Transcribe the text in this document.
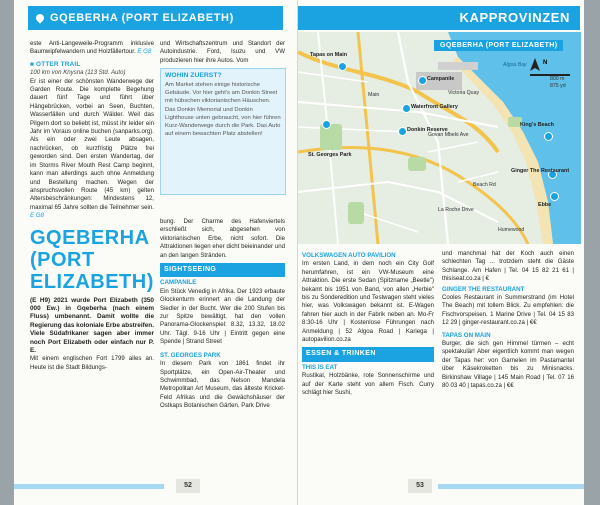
GQEBERHA (PORT ELIZABETH)

este Anti-Langeweile-Programm inklusive Baumwipfelwandern und Holzfällertour. E G8

■ OTTER TRAIL
100 km von Knysna (113 Std. Auto)

Er ist einer der schönsten Wanderwege der Garden Route. Die komplette Begehung dauert fünf Tage und führt über Hängebrücken, vorbei an Seen, Buchten, Wasserfällen und durch Wälder. Weil das Pilgern dort so beliebt ist, müsst ihr leider ein Jahr im Voraus online buchen (sanparks.org). Als ein oder zwei Leute absagen, nachrücken, ob kurzfristig Plätze frei geworden sind. Den ersten Wandertag, der im Storms River Mouth Rest Camp beginnt, kann man allerdings auch ohne Anmeldung und Bestellung machen. Wegen der anspruchsvollen Route (45 km) gelten Altersbeschränkungen: Mindestens 12, maximal 65 Jahre sollten die Teilnehmer sein. E G8

GQEBERHA (PORT ELIZABETH)

(E H9) 2021 wurde Port Elizabeth (350 000 Ew.) in Gqeberha (nach einem Fluss) umbenannt. Damit wollte die Regierung das koloniale Erbe abstreifen. Viele Südafrikaner sagen aber immer noch Port Elizabeth oder einfach nur P. E.

Mit einem englischen Fort 1799 alles an. Heute ist die Stadt Bildungs-

und Wirtschaftszentrum und Standort der Autoindustrie. Ford, Isuzu und VW produzieren hier ihre Autos. Vom

WOHIN ZUERST?

Am Market stehen einige historische Gebäude. Vor hier geht's am Donkin Street mit hübschen viktorianischen Häuschen. Das Donkin Memorial und Donkin Lighthouse unten gebraucht, von hier führen Kurz-Wanderwege durch die Park. Das Auto auf einem bewachten Platz abstellen!

bung. Der Charme des Hafenviertels erschließt sich, abgesehen von viktorianischen Erbe, nicht sofort. Die Attraktionen liegen eher dicht beieinander und an den langen Stränden.

SIGHTSEEING
CAMPANILE

Ein Stück Venedig in Afrika. Der 1923 erbaute Glockenturm erinnert an die Landung der Siedler in der Bucht. Wer die 200 Stufen bis zur Spitze bewältigt, hat den vollen Panorama-Glockenspiel: 8.32, 13.32, 18.02 Uhr. Tägl. 9-16 Uhr | Eintritt gegen eine Spende | Strand Street

ST. GEORGES PARK

In diesem Park von 1861 findet ihr Sportplätze, ein Open-Air-Theater und Schwimmbad, das Nelson Mandela Metropolitan Art Museum, das älteste Kricket-Feld Afrikas und die Gewächshäuser der Ostkaps Botanischen Gärten. Park Drive

52
KAPPROVINZEN
GQEBERHA (PORT ELIZABETH)
N
800 m
875 yd
Campanile
Waterfront Gallery
Donkin Reserve
St. Georges Park
King's Beach
Ginger The Restaurant
Ebbe
Tapas on Main
Main
Govan Mbeki Ave
Victoria Quay
Humewood
La Roche Drive
Beach Rd
Algoa Bay
VOLKSWAGEN AUTO PAVILION

Im ersten Land, in dem noch ein City Golf herumfahren, ist ein VW-Museum eine Attraktion. Die erste Sedan (Spitzname „Beetle") bekamt bis 1951 von Band, von allen „Herbie" bis zu Sonderedition und Testwagen steht vieles hier, was Volkswagen bekannt ist. E-Wagen fahren hier auch in der Fabrik neben an. Mo-Fr 8:30-16 Uhr | Kostenlose Führungen nach Anmeldung | 52 Algoa Road | Kariega | autopavilion.co.za

ESSEN & TRINKEN
THIS IS EAT

Rustikal, Holzbänke, rote Sonnenschirme und auf der Karte steht von allem Fisch. Curry schlägt hier Sushi,

und manchmal hat der Koch auch einen schlechten Tag ... trotzdem steht die Gäste Schlange. Am Hafen | Tel. 04 15 82 21 61 | thisiseat.co.za | €

GINGER THE RESTAURANT

Cooles Restaurant in Summerstrand (im Hotel The Beach) mit tollem Blick. Zu empfehlen: die Fischvorspeisen. 1 Marine Drive | Tel. 04 15 83 12 29 | ginger-restaurant.co.za | €€

TAPAS ON MAIN

Burger, die sich gen Himmel türmen – echt spektakulär! Aber eigentlich kommt man wegen der Tapas her: von Garnelen im Pastamantel über Käsekroketten bis zu Minisnacks. Birkinshaw Village | 145 Main Road | Tel. 07 16 80 03 40 | tapas.co.za | €€

53
